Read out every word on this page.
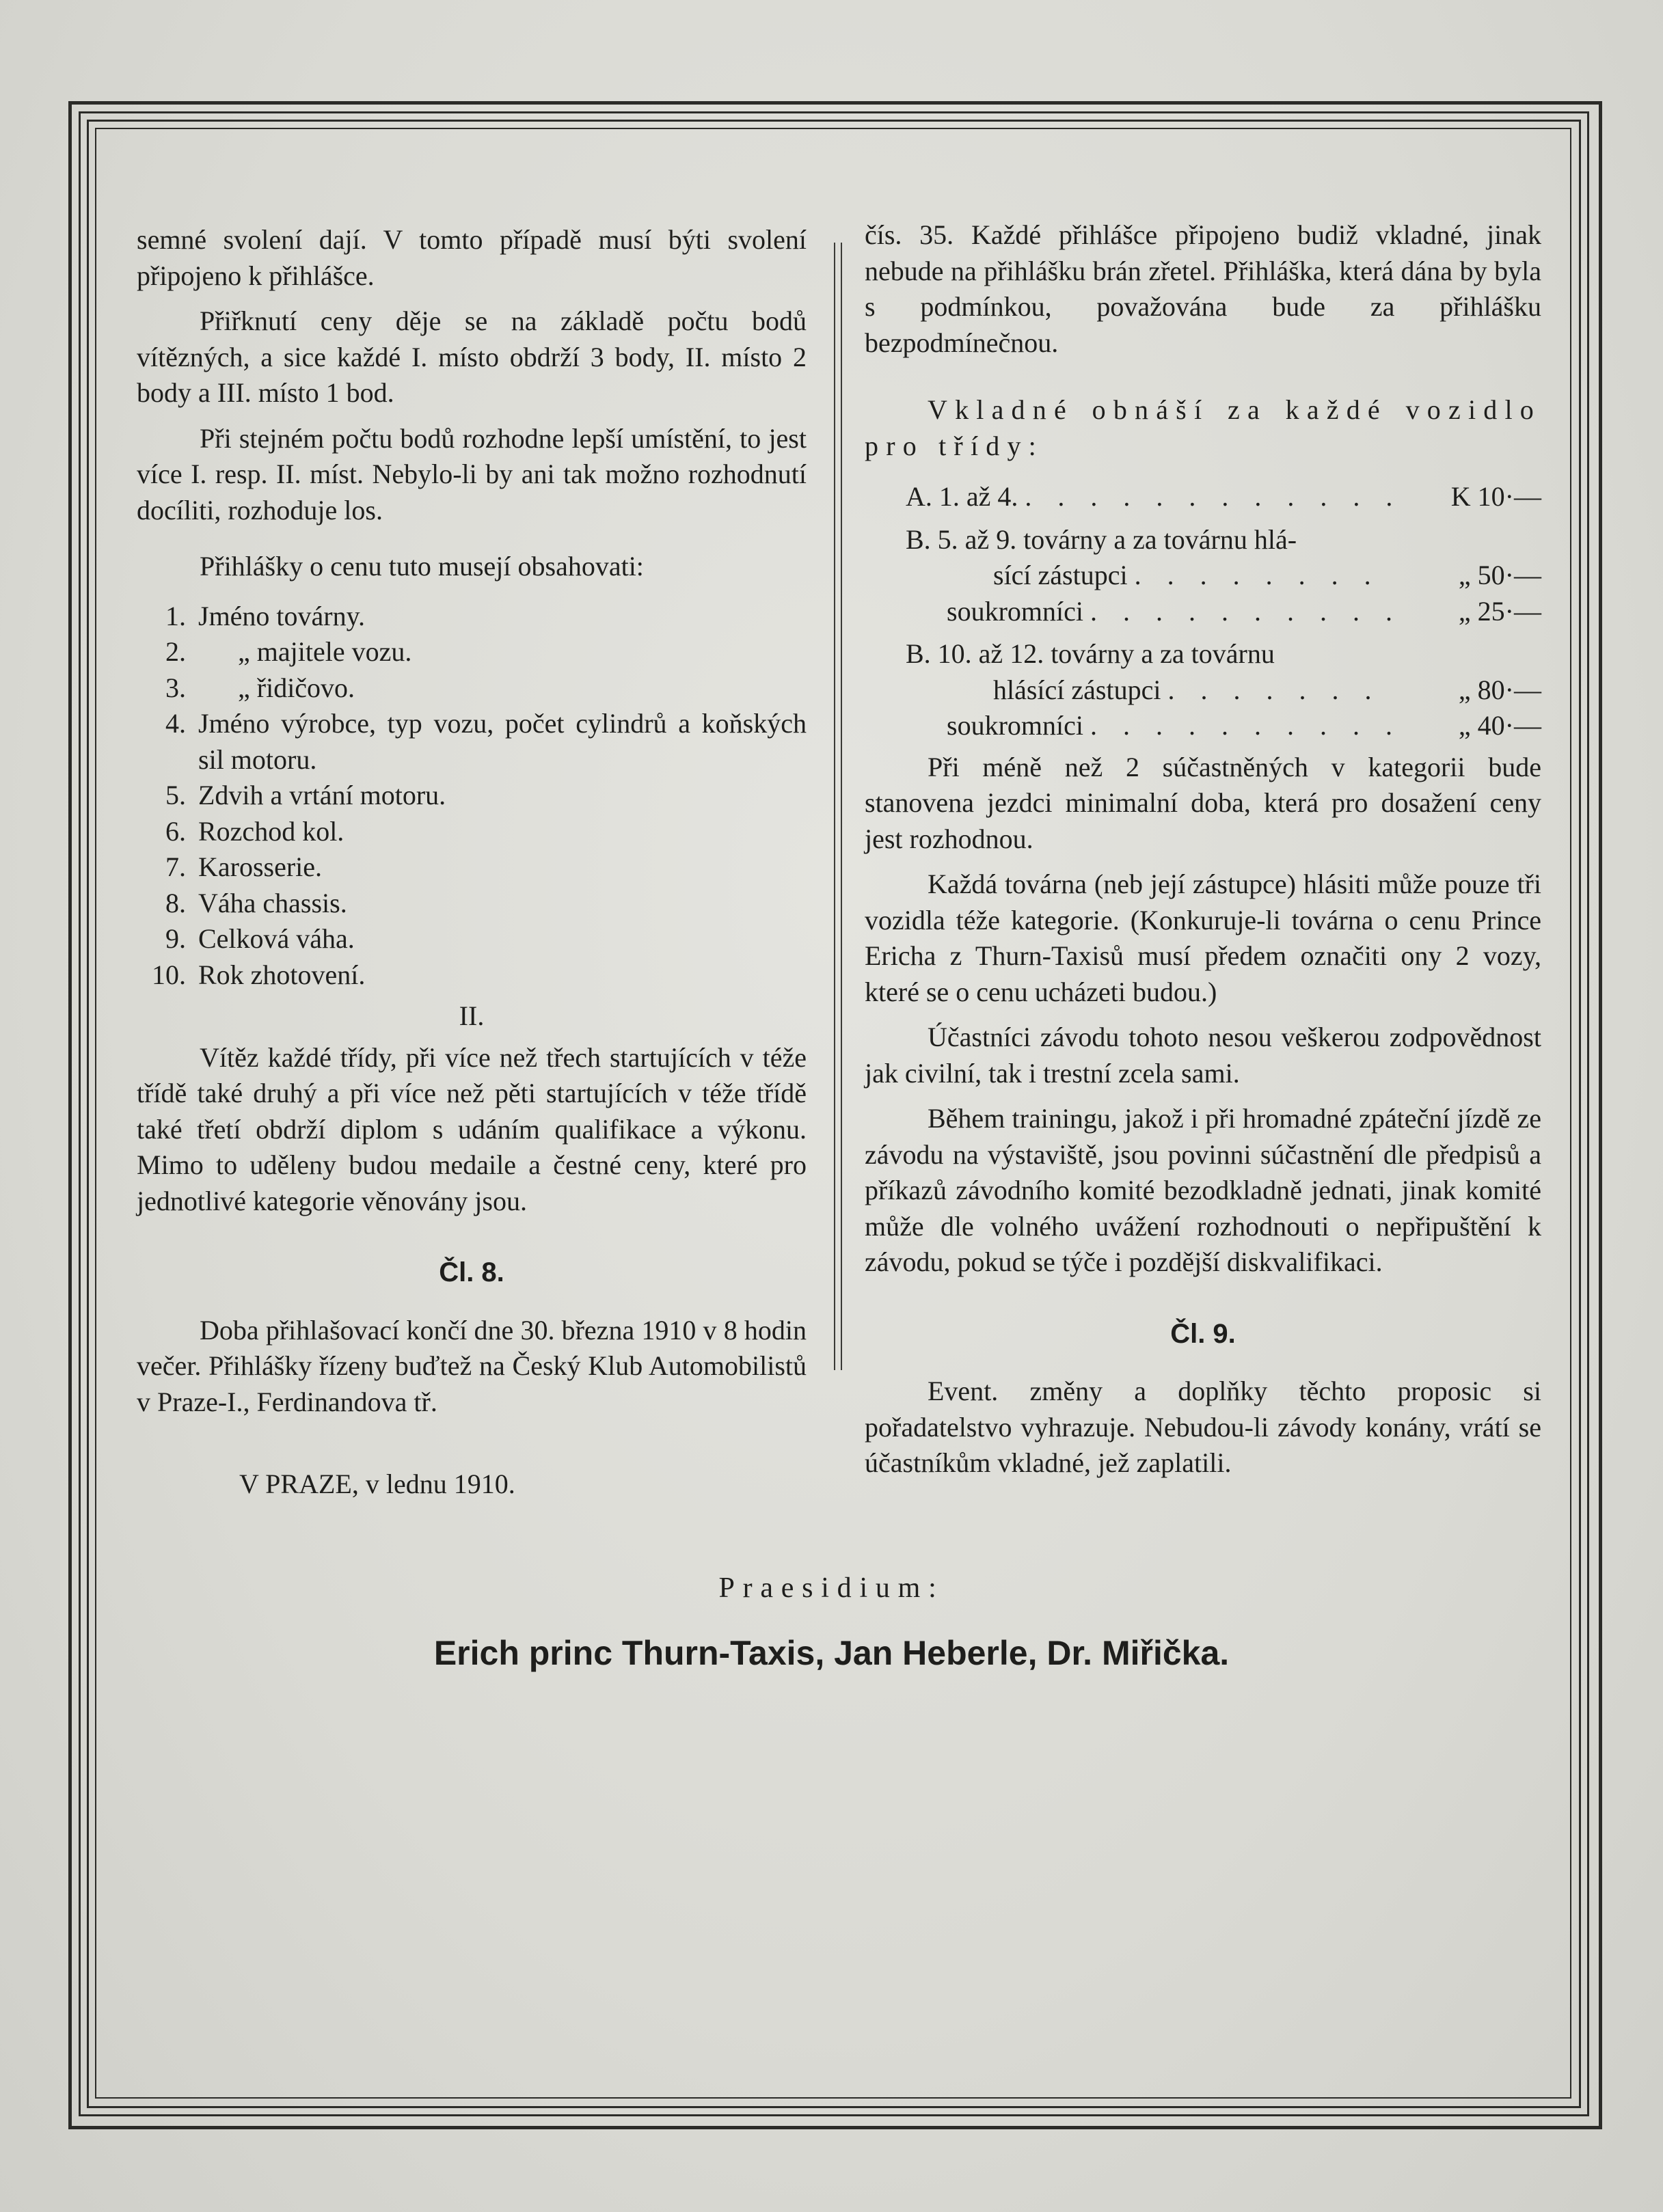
semné svolení dají. V tomto případě musí býti svolení připojeno k přihlášce.

Přiřknutí ceny děje se na základě počtu bodů vítězných, a sice každé I. místo obdrží 3 body, II. místo 2 body a III. místo 1 bod.

Při stejném počtu bodů rozhodne lepší umístění, to jest více I. resp. II. míst. Nebylo-li by ani tak možno rozhodnutí docíliti, rozhoduje los.

Přihlášky o cenu tuto musejí obsahovati:

1. Jméno továrny.
2.	„ majitele vozu.
3.	„ řidičovo.
4. Jméno výrobce, typ vozu, počet cylindrů a koňských sil motoru.
5. Zdvih a vrtání motoru.
6. Rozchod kol.
7. Karosserie.
8. Váha chassis.
9. Celková váha.
10. Rok zhotovení.

II.

Vítěz každé třídy, při více než třech startujících v téže třídě také druhý a při více než pěti startujících v téže třídě také třetí obdrží diplom s udáním qualifikace a výkonu. Mimo to uděleny budou medaile a čestné ceny, které pro jednotlivé kategorie věnovány jsou.

Čl. 8.

Doba přihlašovací končí dne 30. března 1910 v 8 hodin večer. Přihlášky řízeny buďtež na Český Klub Automobilistů v Praze-I., Ferdinandova tř.

čís. 35. Každé přihlášce připojeno budiž vkladné, jinak nebude na přihlášku brán zřetel. Přihláška, která dána by byla s podmínkou, považována bude za přihlášku bezpodmínečnou.

Vkladné obnáší za každé vozidlo pro třídy:

A. 1. až 4. . . . . . . . . . . . .	K 10·—
B. 5. až 9. továrny a za továrnu hlá-
sící zástupci . . . . . . . .	„ 50·—
soukromníci . . . . . . . . . .	„ 25·—
B. 10. až 12. továrny a za továrnu
hlásící zástupci . . . . . . .	„ 80·—
soukromníci . . . . . . . . . .	„ 40·—

Při méně než 2 súčastněných v kategorii bude stanovena jezdci minimalní doba, která pro dosažení ceny jest rozhodnou.

Každá továrna (neb její zástupce) hlásiti může pouze tři vozidla téže kategorie. (Konkuruje-li továrna o cenu Prince Ericha z Thurn-Taxisů musí předem označiti ony 2 vozy, které se o cenu ucházeti budou.)

Účastníci závodu tohoto nesou veškerou zodpovědnost jak civilní, tak i trestní zcela sami.

Během trainingu, jakož i při hromadné zpáteční jízdě ze závodu na výstaviště, jsou povinni súčastnění dle předpisů a příkazů závodního komité bezodkladně jednati, jinak komité může dle volného uvážení rozhodnouti o nepřipuštění k závodu, pokud se týče i pozdější diskvalifikaci.

Čl. 9.

Event. změny a doplňky těchto proposic si pořadatelstvo vyhrazuje. Nebudou-li závody konány, vrátí se účastníkům vkladné, jež zaplatili.

V PRAZE, v lednu 1910.
Praesidium:
Erich princ Thurn-Taxis, Jan Heberle, Dr. Miřička.
